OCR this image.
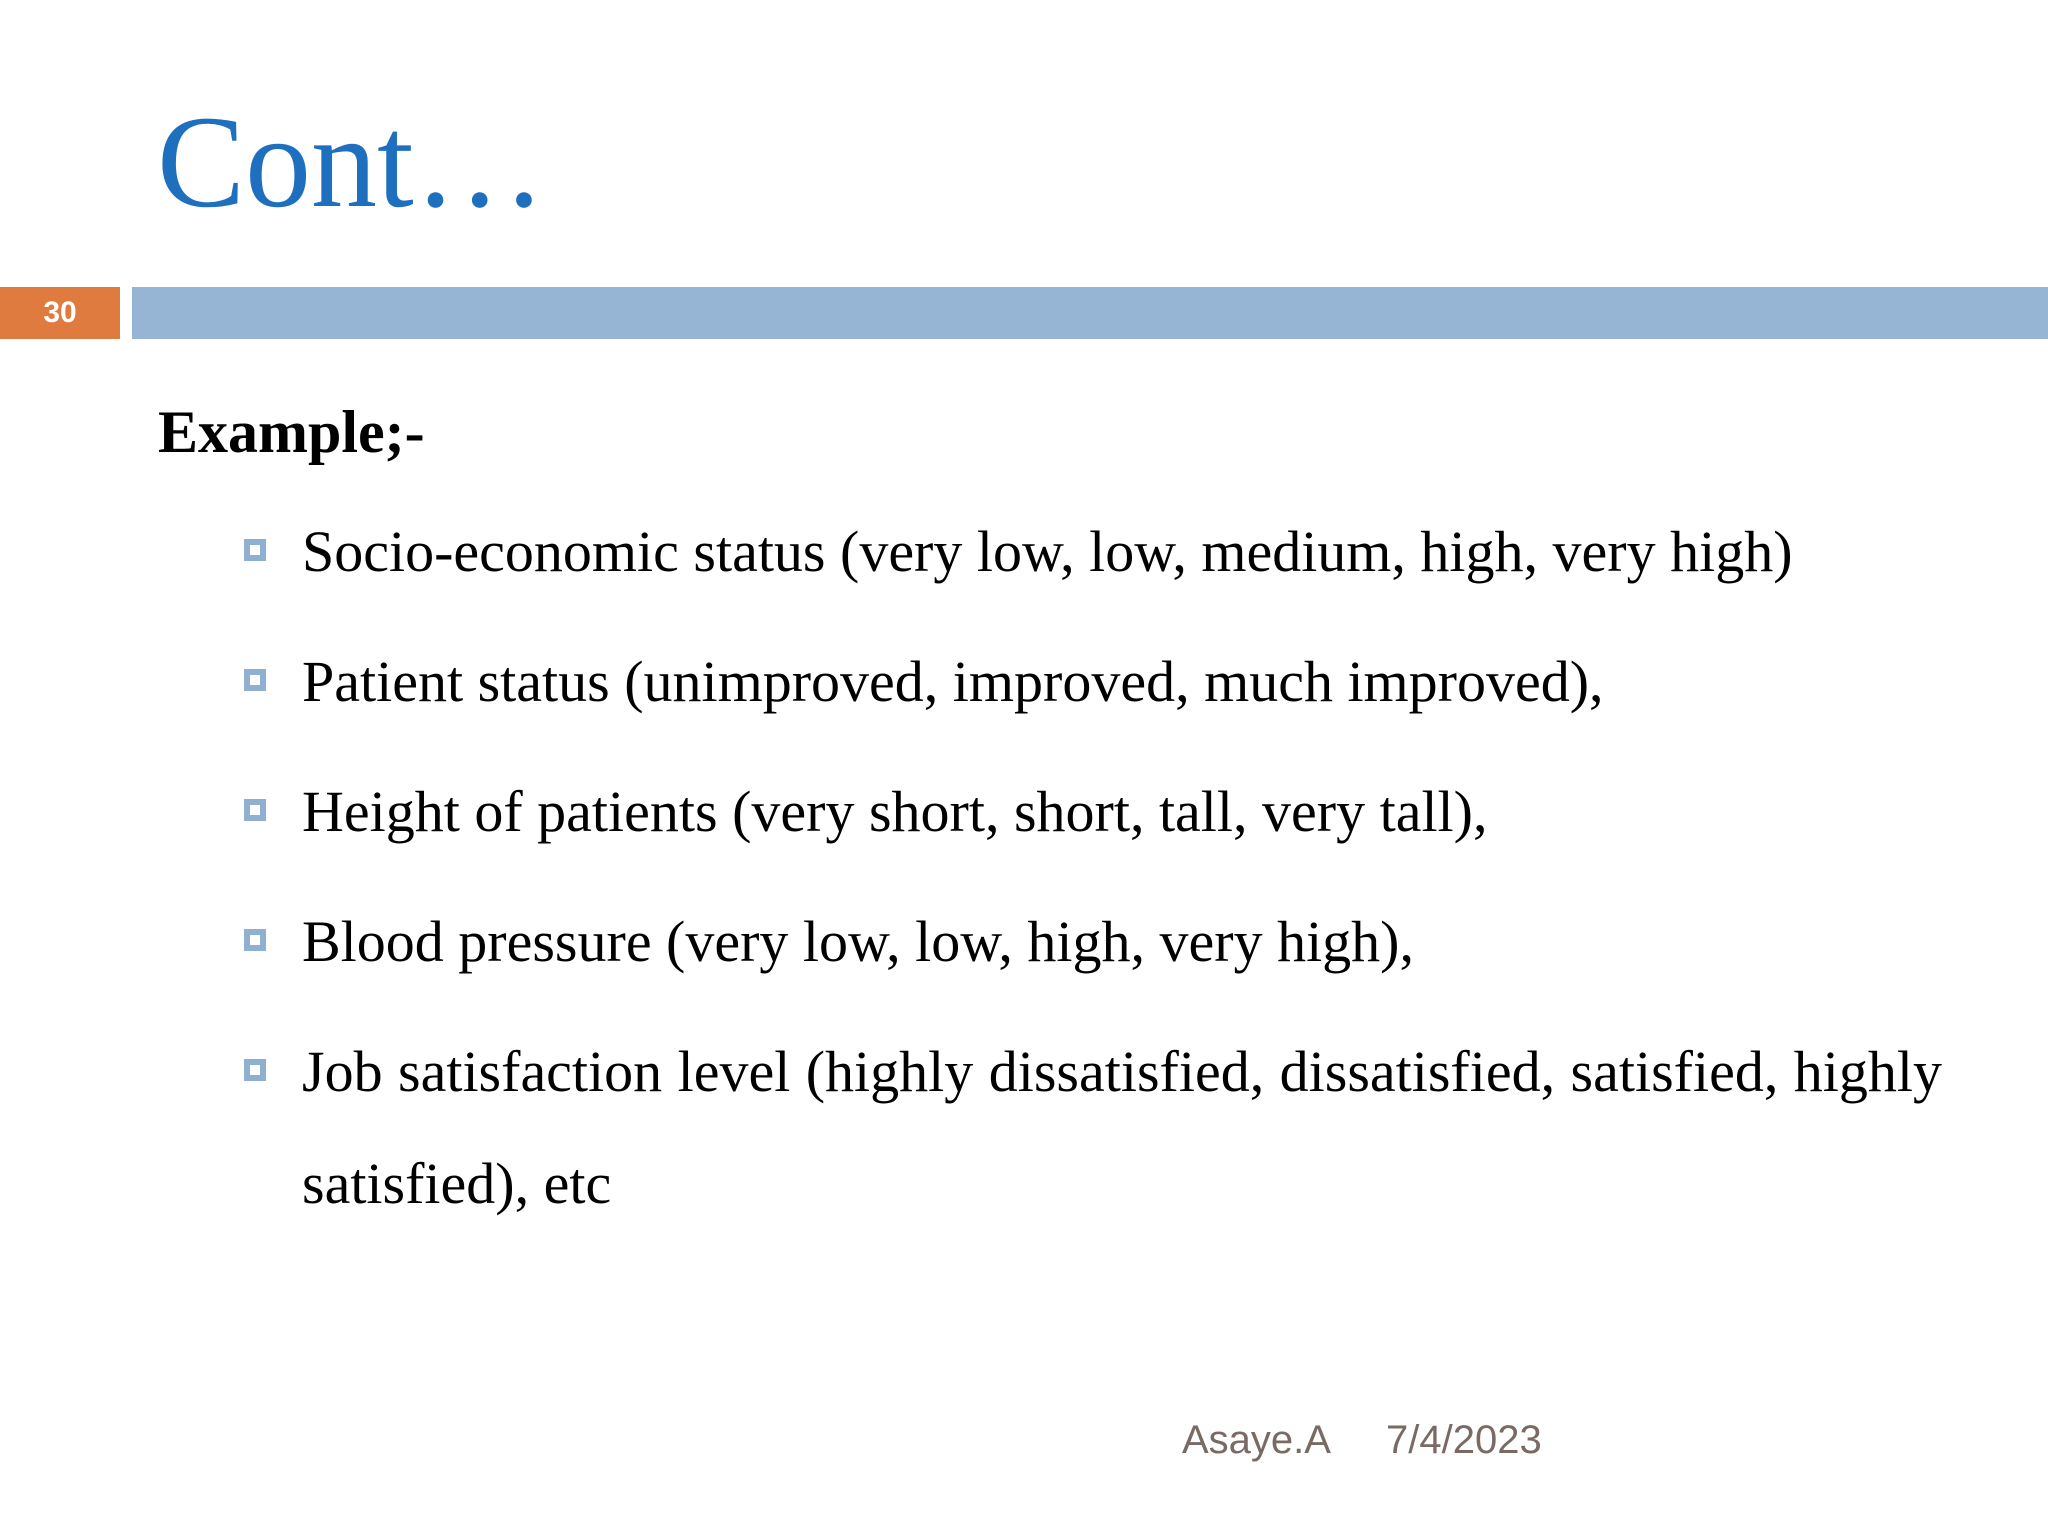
Cont…
30

Example;-

Socio-economic status (very low, low, medium, high, very high)
Patient status (unimproved, improved, much improved),
Height of patients (very short, short, tall, very tall),
Blood pressure (very low, low, high, very high),
Job satisfaction level (highly dissatisfied, dissatisfied, satisfied, highly satisfied), etc
Asaye.A 7/4/2023
